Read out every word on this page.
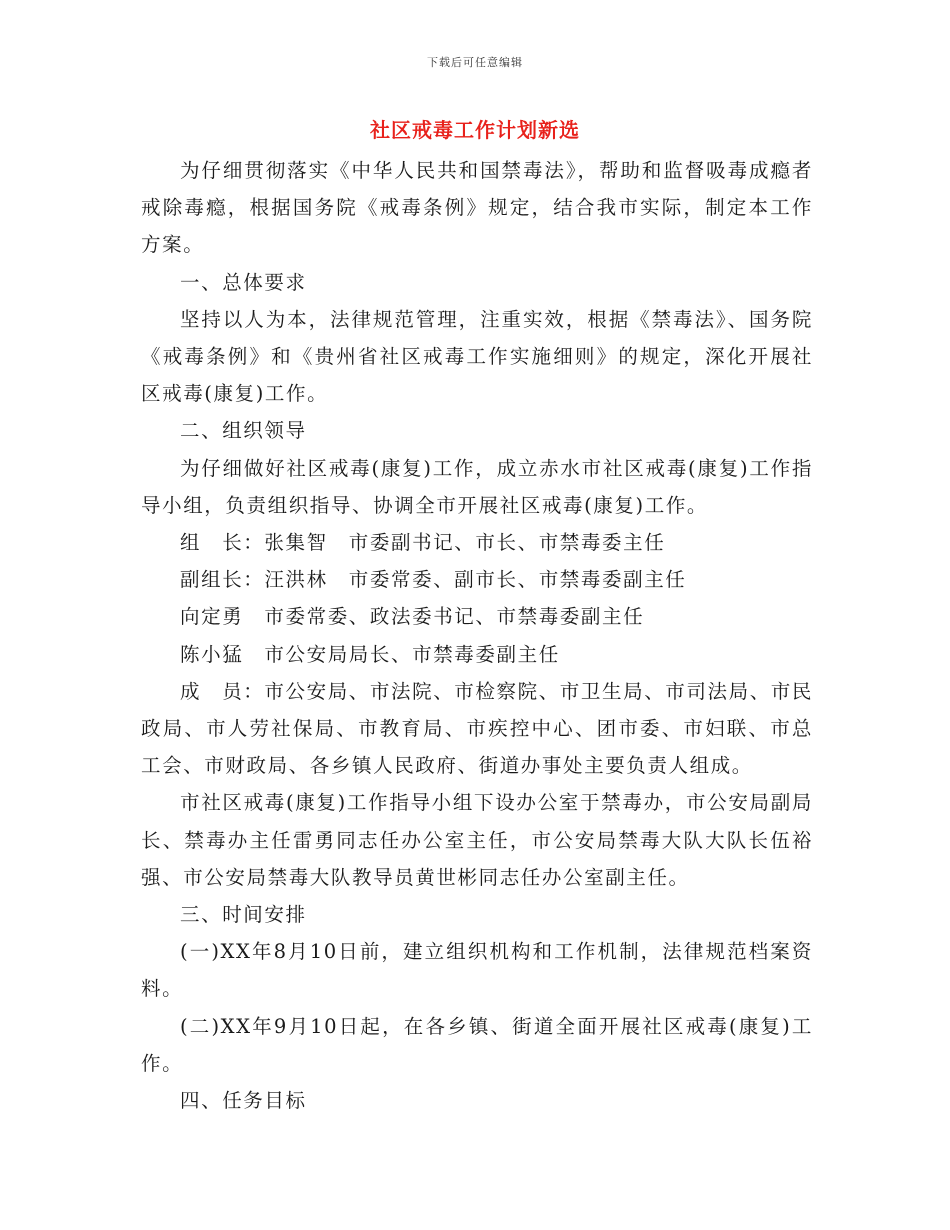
下载后可任意编辑
社区戒毒工作计划新选

为仔细贯彻落实《中华人民共和国禁毒法》，帮助和监督吸毒成瘾者戒除毒瘾，根据国务院《戒毒条例》规定，结合我市实际，制定本工作方案。

一、总体要求

坚持以人为本，法律规范管理，注重实效，根据《禁毒法》、国务院《戒毒条例》和《贵州省社区戒毒工作实施细则》的规定，深化开展社区戒毒(康复)工作。

二、组织领导

为仔细做好社区戒毒(康复)工作，成立赤水市社区戒毒(康复)工作指导小组，负责组织指导、协调全市开展社区戒毒(康复)工作。

组　长：张集智　市委副书记、市长、市禁毒委主任

副组长：汪洪林　市委常委、副市长、市禁毒委副主任

向定勇　市委常委、政法委书记、市禁毒委副主任

陈小猛　市公安局局长、市禁毒委副主任

成　员：市公安局、市法院、市检察院、市卫生局、市司法局、市民政局、市人劳社保局、市教育局、市疾控中心、团市委、市妇联、市总工会、市财政局、各乡镇人民政府、街道办事处主要负责人组成。

市社区戒毒(康复)工作指导小组下设办公室于禁毒办，市公安局副局长、禁毒办主任雷勇同志任办公室主任，市公安局禁毒大队大队长伍裕强、市公安局禁毒大队教导员黄世彬同志任办公室副主任。

三、时间安排

(一)XX年8月10日前，建立组织机构和工作机制，法律规范档案资料。

(二)XX年9月10日起，在各乡镇、街道全面开展社区戒毒(康复)工作。

四、任务目标
